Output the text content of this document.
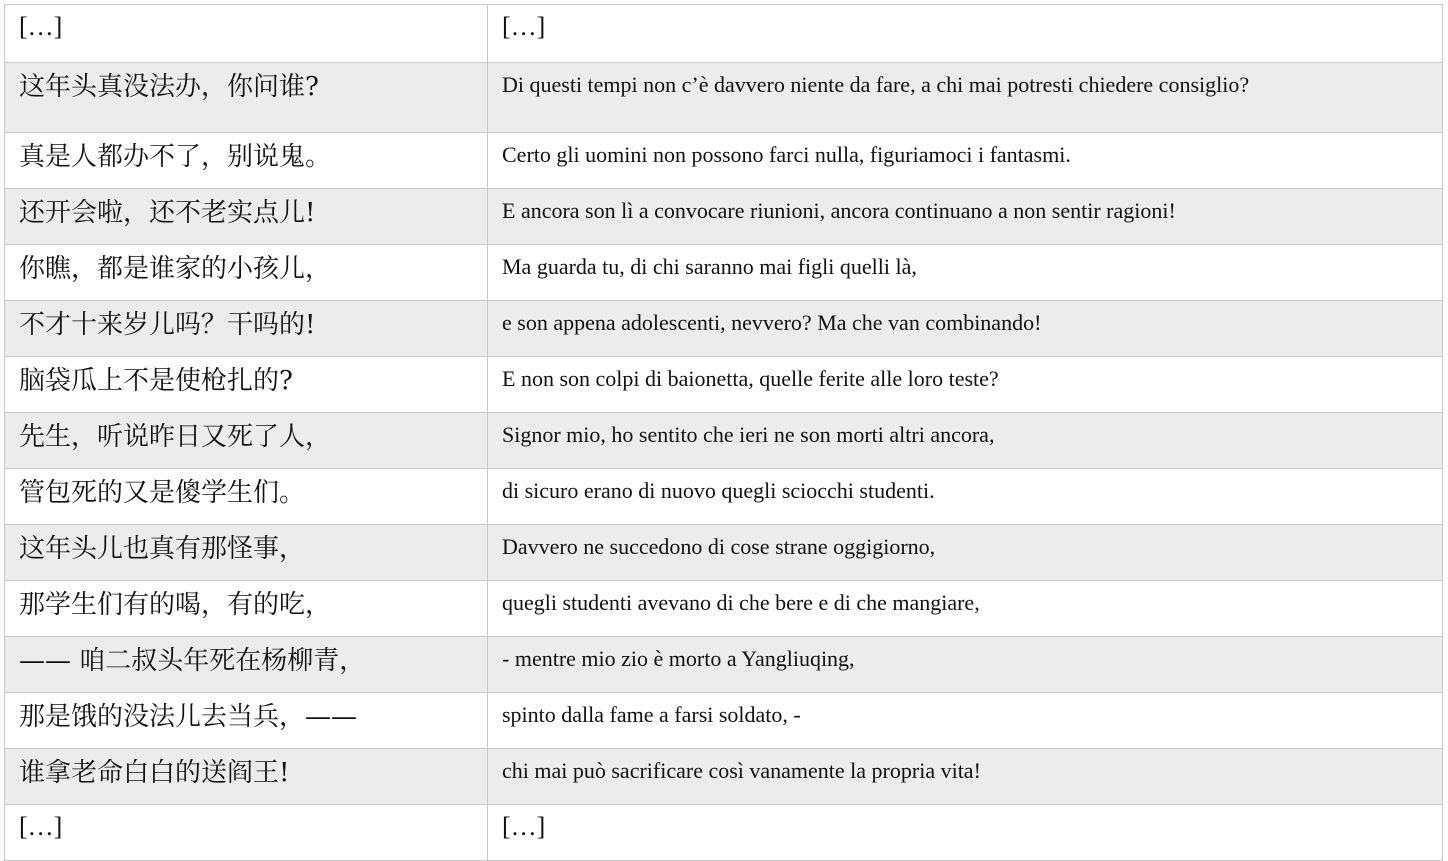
[…]	[…]
这年头真没法办，你问谁?	Di questi tempi non c’è davvero niente da fare, a chi mai potresti chiedere consiglio?
真是人都办不了，别说鬼。	Certo gli uomini non possono farci nulla, figuriamoci i fantasmi.
还开会啦，还不老实点儿!	E ancora son lì a convocare riunioni, ancora continuano a non sentir ragioni!
你瞧，都是谁家的小孩儿，	Ma guarda tu, di chi saranno mai figli quelli là,
不才十来岁儿吗？干吗的!	e son appena adolescenti, nevvero? Ma che van combinando!
脑袋瓜上不是使枪扎的?	E non son colpi di baionetta, quelle ferite alle loro teste?
先生，听说昨日又死了人，	Signor mio, ho sentito che ieri ne son morti altri ancora,
管包死的又是傻学生们。	di sicuro erano di nuovo quegli sciocchi studenti.
这年头儿也真有那怪事，	Davvero ne succedono di cose strane oggigiorno,
那学生们有的喝，有的吃，	quegli studenti avevano di che bere e di che mangiare,
—— 咱二叔头年死在杨柳青，	- mentre mio zio è morto a Yangliuqing,
那是饿的没法儿去当兵，——	spinto dalla fame a farsi soldato, -
谁拿老命白白的送阎王!	chi mai può sacrificare così vanamente la propria vita!
[…]	[…]
